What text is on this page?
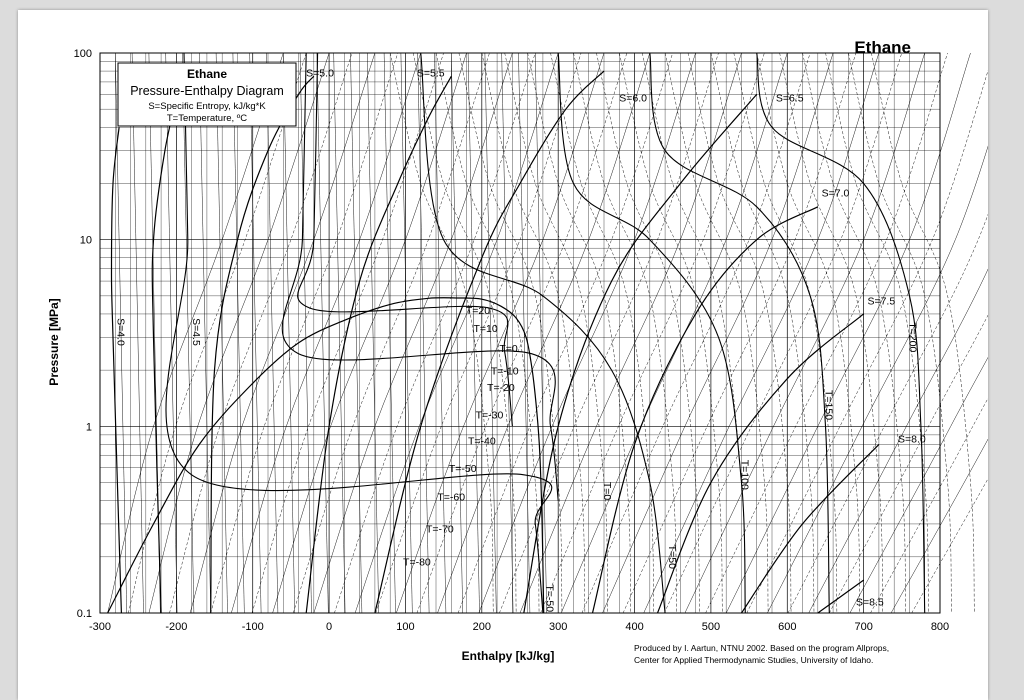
T=20
T=10
T=0
T=-10
T=-20
T=-30
T=-40
T=-50
T=-60
T=-70
T=-80
S=5.0	S=5.5
S=6.0	S=6.5
S=7.0
S=7.5
S=8.0
S=8.5
S=4.0	S=4.5
T=-50
T=0
T=50
T=100
T=150
T=200
-300	-200	-100	0	100	200	300	400	500	600	700	800
0.1
1
10
100	Ethane
Ethane
Pressure-Enthalpy Diagram
S=Specific Entropy, kJ/kg*K
T=Temperature, ºC
Enthalpy [kJ/kg]
Pressure [MPa]
Produced by I. Aartun, NTNU 2002. Based on the program Allprops,
Center for Applied Thermodynamic Studies, University of Idaho.
